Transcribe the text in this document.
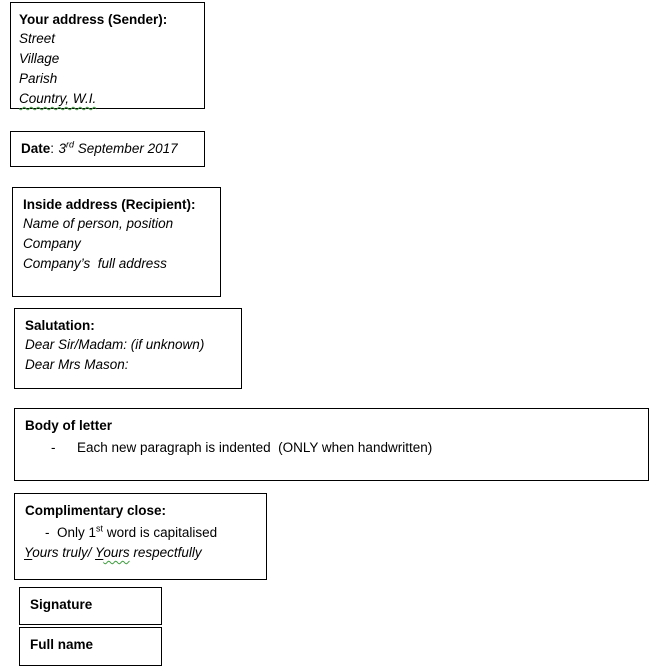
Your address (Sender):
Street
Village
Parish
Country, W.I.
Date: 3rd September 2017
Inside address (Recipient):
Name of person, position
Company
Company’s  full address
Salutation:
Dear Sir/Madam: (if unknown)
Dear Mrs Mason:
Body of letter
- Each new paragraph is indented  (ONLY when handwritten)
Complimentary close:
- Only 1st word is capitalised
Yours truly/ Yours respectfully
Signature
Full name
